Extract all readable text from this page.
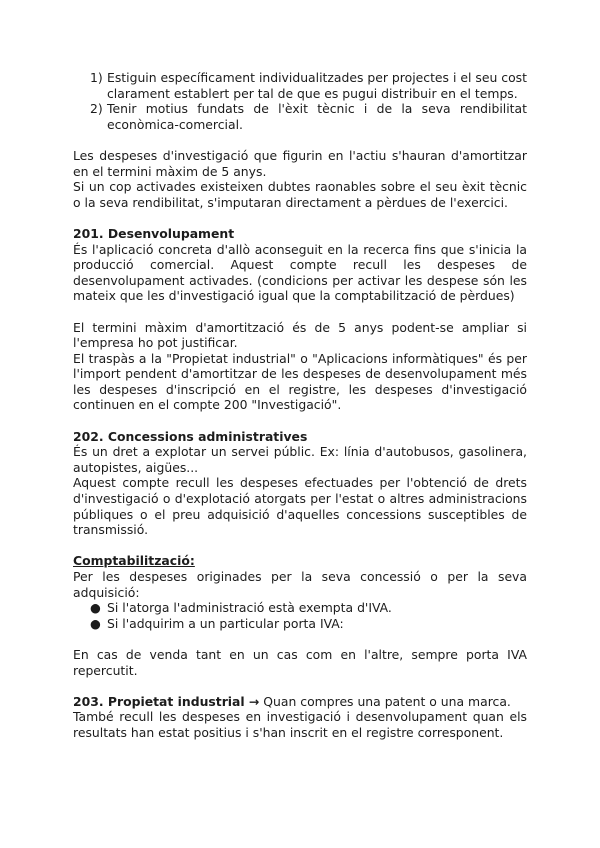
1) Estiguin específicament individualitzades per projectes i el seu cost clarament establert per tal de que es pugui distribuir en el temps.
2) Tenir motius fundats de l'èxit tècnic i de la seva rendibilitat econòmica-comercial.

Les despeses d'investigació que figurin en l'actiu s'hauran d'amortitzar en el termini màxim de 5 anys.

Si un cop activades existeixen dubtes raonables sobre el seu èxit tècnic o la seva rendibilitat, s'imputaran directament a pèrdues de l'exercici.

201. Desenvolupament

És l'aplicació concreta d'allò aconseguit en la recerca fins que s'inicia la producció comercial. Aquest compte recull les despeses de desenvolupament activades. (condicions per activar les despese són les mateix que les d'investigació igual que la comptabilització de pèrdues)

El termini màxim d'amortització és de 5 anys podent-se ampliar si l'empresa ho pot justificar.

El traspàs a la "Propietat industrial" o "Aplicacions informàtiques" és per l'import pendent d'amortitzar de les despeses de desenvolupament més les despeses d'inscripció en el registre, les despeses d'investigació continuen en el compte 200 "Investigació".

202. Concessions administratives

És un dret a explotar un servei públic. Ex: línia d'autobusos, gasolinera, autopistes, aigües...

Aquest compte recull les despeses efectuades per l'obtenció de drets d'investigació o d'explotació atorgats per l'estat o altres administracions públiques o el preu adquisició d'aquelles concessions susceptibles de transmissió.

Comptabilització:

Per les despeses originades per la seva concessió o per la seva adquisició:

● Si l'atorga l'administració està exempta d'IVA.
● Si l'adquirim a un particular porta IVA:

En cas de venda tant en un cas com en l'altre, sempre porta IVA repercutit.

203. Propietat industrial → Quan compres una patent o una marca.

També recull les despeses en investigació i desenvolupament quan els resultats han estat positius i s'han inscrit en el registre corresponent.
